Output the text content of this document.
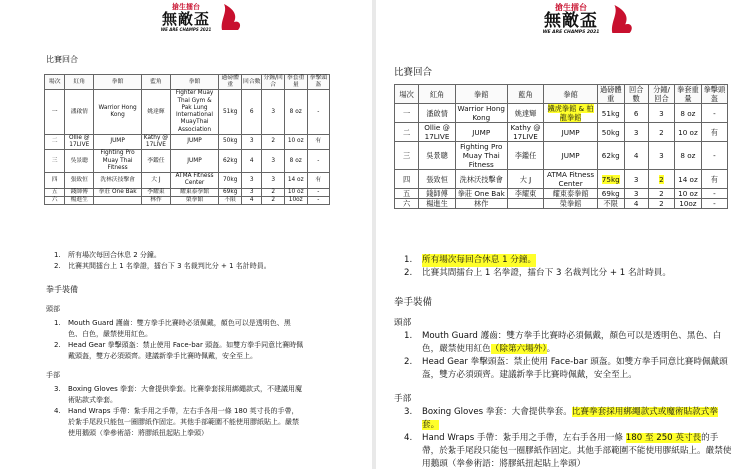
搶生擂台
無敵盃
WE ARE CHAMPS 2021
比賽回合
場次	紅角	拳館	藍角	拳館	過磅體重	回合數	分鐘/回合	拳套重量	拳擊頭盔
一	潘啟情	Warrior Hong Kong	姚達輝	Fighter Muay Thai Gym & Pak Lung International MuayThai Association	51kg	6	3	8 oz	-
二	Ollie @ 17LIVE	JUMP	Kathy @ 17LIVE	JUMP	50kg	3	2	10 oz	有
三	吳景聰	Fighting Pro Muay Thai Fitness	李鑑任	JUMP	62kg	4	3	8 oz	-
四	張致恒	洗林沃技擊會	大 J	ATMA Fitness Center	70kg	3	3	14 oz	有
五	錢師傅	拳莊 One Bak	李耀東	耀東泰拳館	69kg	3	2	10 oz	-
六	楊進生		林作	榮拳館	不限	4	2	10oz	-
1.	所有場次每回合休息 2 分鐘。
2.	比賽其間擂台上 1 名拳證，擂台下 3 名裁判比分 + 1 名計時員。
拳手裝備
頭部
1.	Mouth Guard 護齒：雙方拳手比賽時必須佩戴，顏色可以是透明色、黑色、白色，嚴禁使用紅色。
2.	Head Gear 拳擊頭盔：禁止使用 Face-bar 頭盔。如雙方拳手同意比賽時佩戴頭盔，雙方必須頭齊。建議新拳手比賽時佩戴，安全至上。
手部
3.	Boxing Gloves 拳套：大會提供拳套。比賽拳套採用綁繩款式，不建議用魔術貼款式拳套。
4.	Hand Wraps 手帶：紮手用之手帶，左右手各用一條 180 英寸長的手帶，於紮手尾段只能包一圈膠紙作固定。其他手部範圍不能使用膠紙貼上。嚴禁使用鵝頭（拳參術語：將膠紙扭起貼上拳頭）
搶生擂台
無敵盃
WE ARE CHAMPS 2021
比賽回合
場次	紅角	拳館	藍角	拳館	過磅體重	回合數	分鐘/回合	拳套重量	拳擊頭盔
一	潘啟情	Warrior Hong Kong	姚達輝	鐵虎拳館 & 柏龍拳館	51kg	6	3	8 oz	-
二	Ollie @ 17LIVE	JUMP	Kathy @ 17LIVE	JUMP	50kg	3	2	10 oz	有
三	吳景聰	Fighting Pro Muay Thai Fitness	李鑑任	JUMP	62kg	4	3	8 oz	-
四	張致恒	洗林沃技擊會	大 J	ATMA Fitness Center	75kg	3	2	14 oz	有
五	錢師傅	拳莊 One Bak	李耀東	耀東泰拳館	69kg	3	2	10 oz	-
六	楊進生	林作		榮拳館	不限	4	2	10oz	-
1.	所有場次每回合休息 1 分鐘。
2.	比賽其間擂台上 1 名拳證，擂台下 3 名裁判比分 + 1 名計時員。
拳手裝備
頭部
1.	Mouth Guard 護齒：雙方拳手比賽時必須佩戴，顏色可以是透明色、黑色、白色，嚴禁使用紅色（除第六場外）。
2.	Head Gear 拳擊頭盔：禁止使用 Face-bar 頭盔。如雙方拳手同意比賽時佩戴頭盔，雙方必須頭齊。建議新拳手比賽時佩戴，安全至上。
手部
3.	Boxing Gloves 拳套：大會提供拳套。比賽拳套採用綁繩款式或魔術貼款式拳套。
4.	Hand Wraps 手帶：紮手用之手帶，左右手各用一條 180 至 250 英寸長的手帶，於紮手尾段只能包一圈膠紙作固定。其他手部範圍不能使用膠紙貼上。嚴禁使用鵝頭（拳參術語：將膠紙扭起貼上拳頭）
